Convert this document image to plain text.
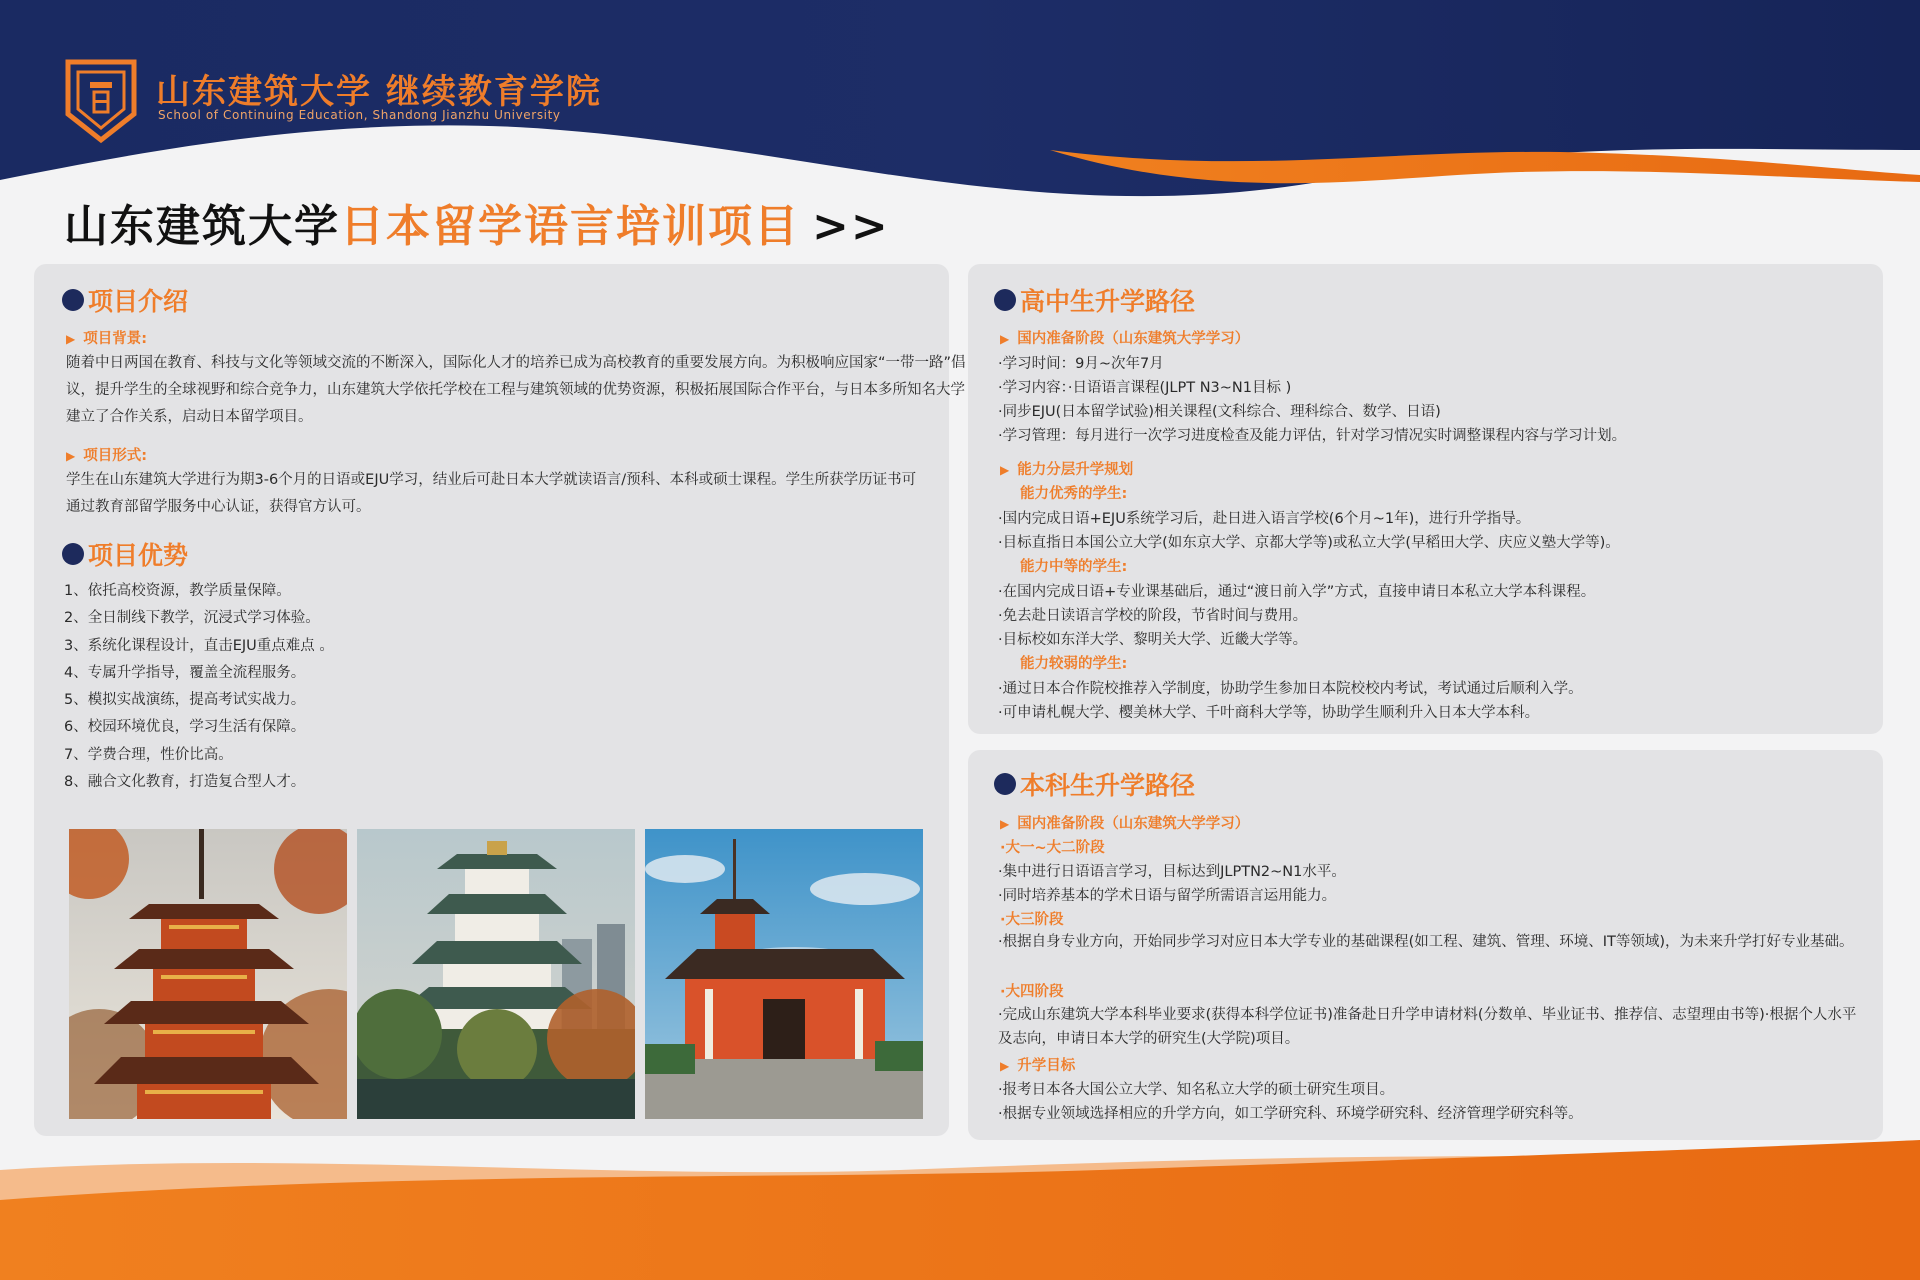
山东建筑大学 继续教育学院
School of Continuing Education, Shandong Jianzhu University
山东建筑大学日本留学语言培训项目 >>
项目介绍
▶ 项目背景:
随着中日两国在教育、科技与文化等领域交流的不断深入，国际化人才的培养已成为高校教育的重要发展方向。为积极响应国家“一带一路”倡议，提升学生的全球视野和综合竞争力，山东建筑大学依托学校在工程与建筑领域的优势资源，积极拓展国际合作平台，与日本多所知名大学建立了合作关系，启动日本留学项目。
▶ 项目形式:
学生在山东建筑大学进行为期3-6个月的日语或EJU学习，结业后可赴日本大学就读语言/预科、本科或硕士课程。学生所获学历证书可通过教育部留学服务中心认证，获得官方认可。
项目优势
1、依托高校资源，教学质量保障。
2、全日制线下教学，沉浸式学习体验。
3、系统化课程设计，直击EJU重点难点 。
4、专属升学指导，覆盖全流程服务。
5、模拟实战演练，提高考试实战力。
6、校园环境优良，学习生活有保障。
7、学费合理，性价比高。
8、融合文化教育，打造复合型人才。
高中生升学路径
▶ 国内准备阶段（山东建筑大学学习）
·学习时间：9月~次年7月
·学习内容：·日语语言课程(JLPT N3~N1目标 )
·同步EJU(日本留学试验)相关课程(文科综合、理科综合、数学、日语)
·学习管理：每月进行一次学习进度检查及能力评估，针对学习情况实时调整课程内容与学习计划。
▶ 能力分层升学规划
能力优秀的学生:
·国内完成日语+EJU系统学习后，赴日进入语言学校(6个月~1年)，进行升学指导。
·目标直指日本国公立大学(如东京大学、京都大学等)或私立大学(早稻田大学、庆应义塾大学等)。
能力中等的学生:
·在国内完成日语+专业课基础后，通过“渡日前入学”方式，直接申请日本私立大学本科课程。
·免去赴日读语言学校的阶段，节省时间与费用。
·目标校如东洋大学、黎明关大学、近畿大学等。
能力较弱的学生:
·通过日本合作院校推荐入学制度，协助学生参加日本院校校内考试，考试通过后顺利入学。
·可申请札幌大学、樱美林大学、千叶商科大学等，协助学生顺利升入日本大学本科。
本科生升学路径
▶ 国内准备阶段（山东建筑大学学习）
·大一~大二阶段
·集中进行日语语言学习，目标达到JLPTN2~N1水平。
·同时培养基本的学术日语与留学所需语言运用能力。
·大三阶段
·根据自身专业方向，开始同步学习对应日本大学专业的基础课程(如工程、建筑、管理、环境、IT等领域)，为未来升学打好专业基础。
·大四阶段
·完成山东建筑大学本科毕业要求(获得本科学位证书)准备赴日升学申请材料(分数单、毕业证书、推荐信、志望理由书等)·根据个人水平及志向，申请日本大学的研究生(大学院)项目。
▶ 升学目标
·报考日本各大国公立大学、知名私立大学的硕士研究生项目。
·根据专业领域选择相应的升学方向，如工学研究科、环境学研究科、经济管理学研究科等。
